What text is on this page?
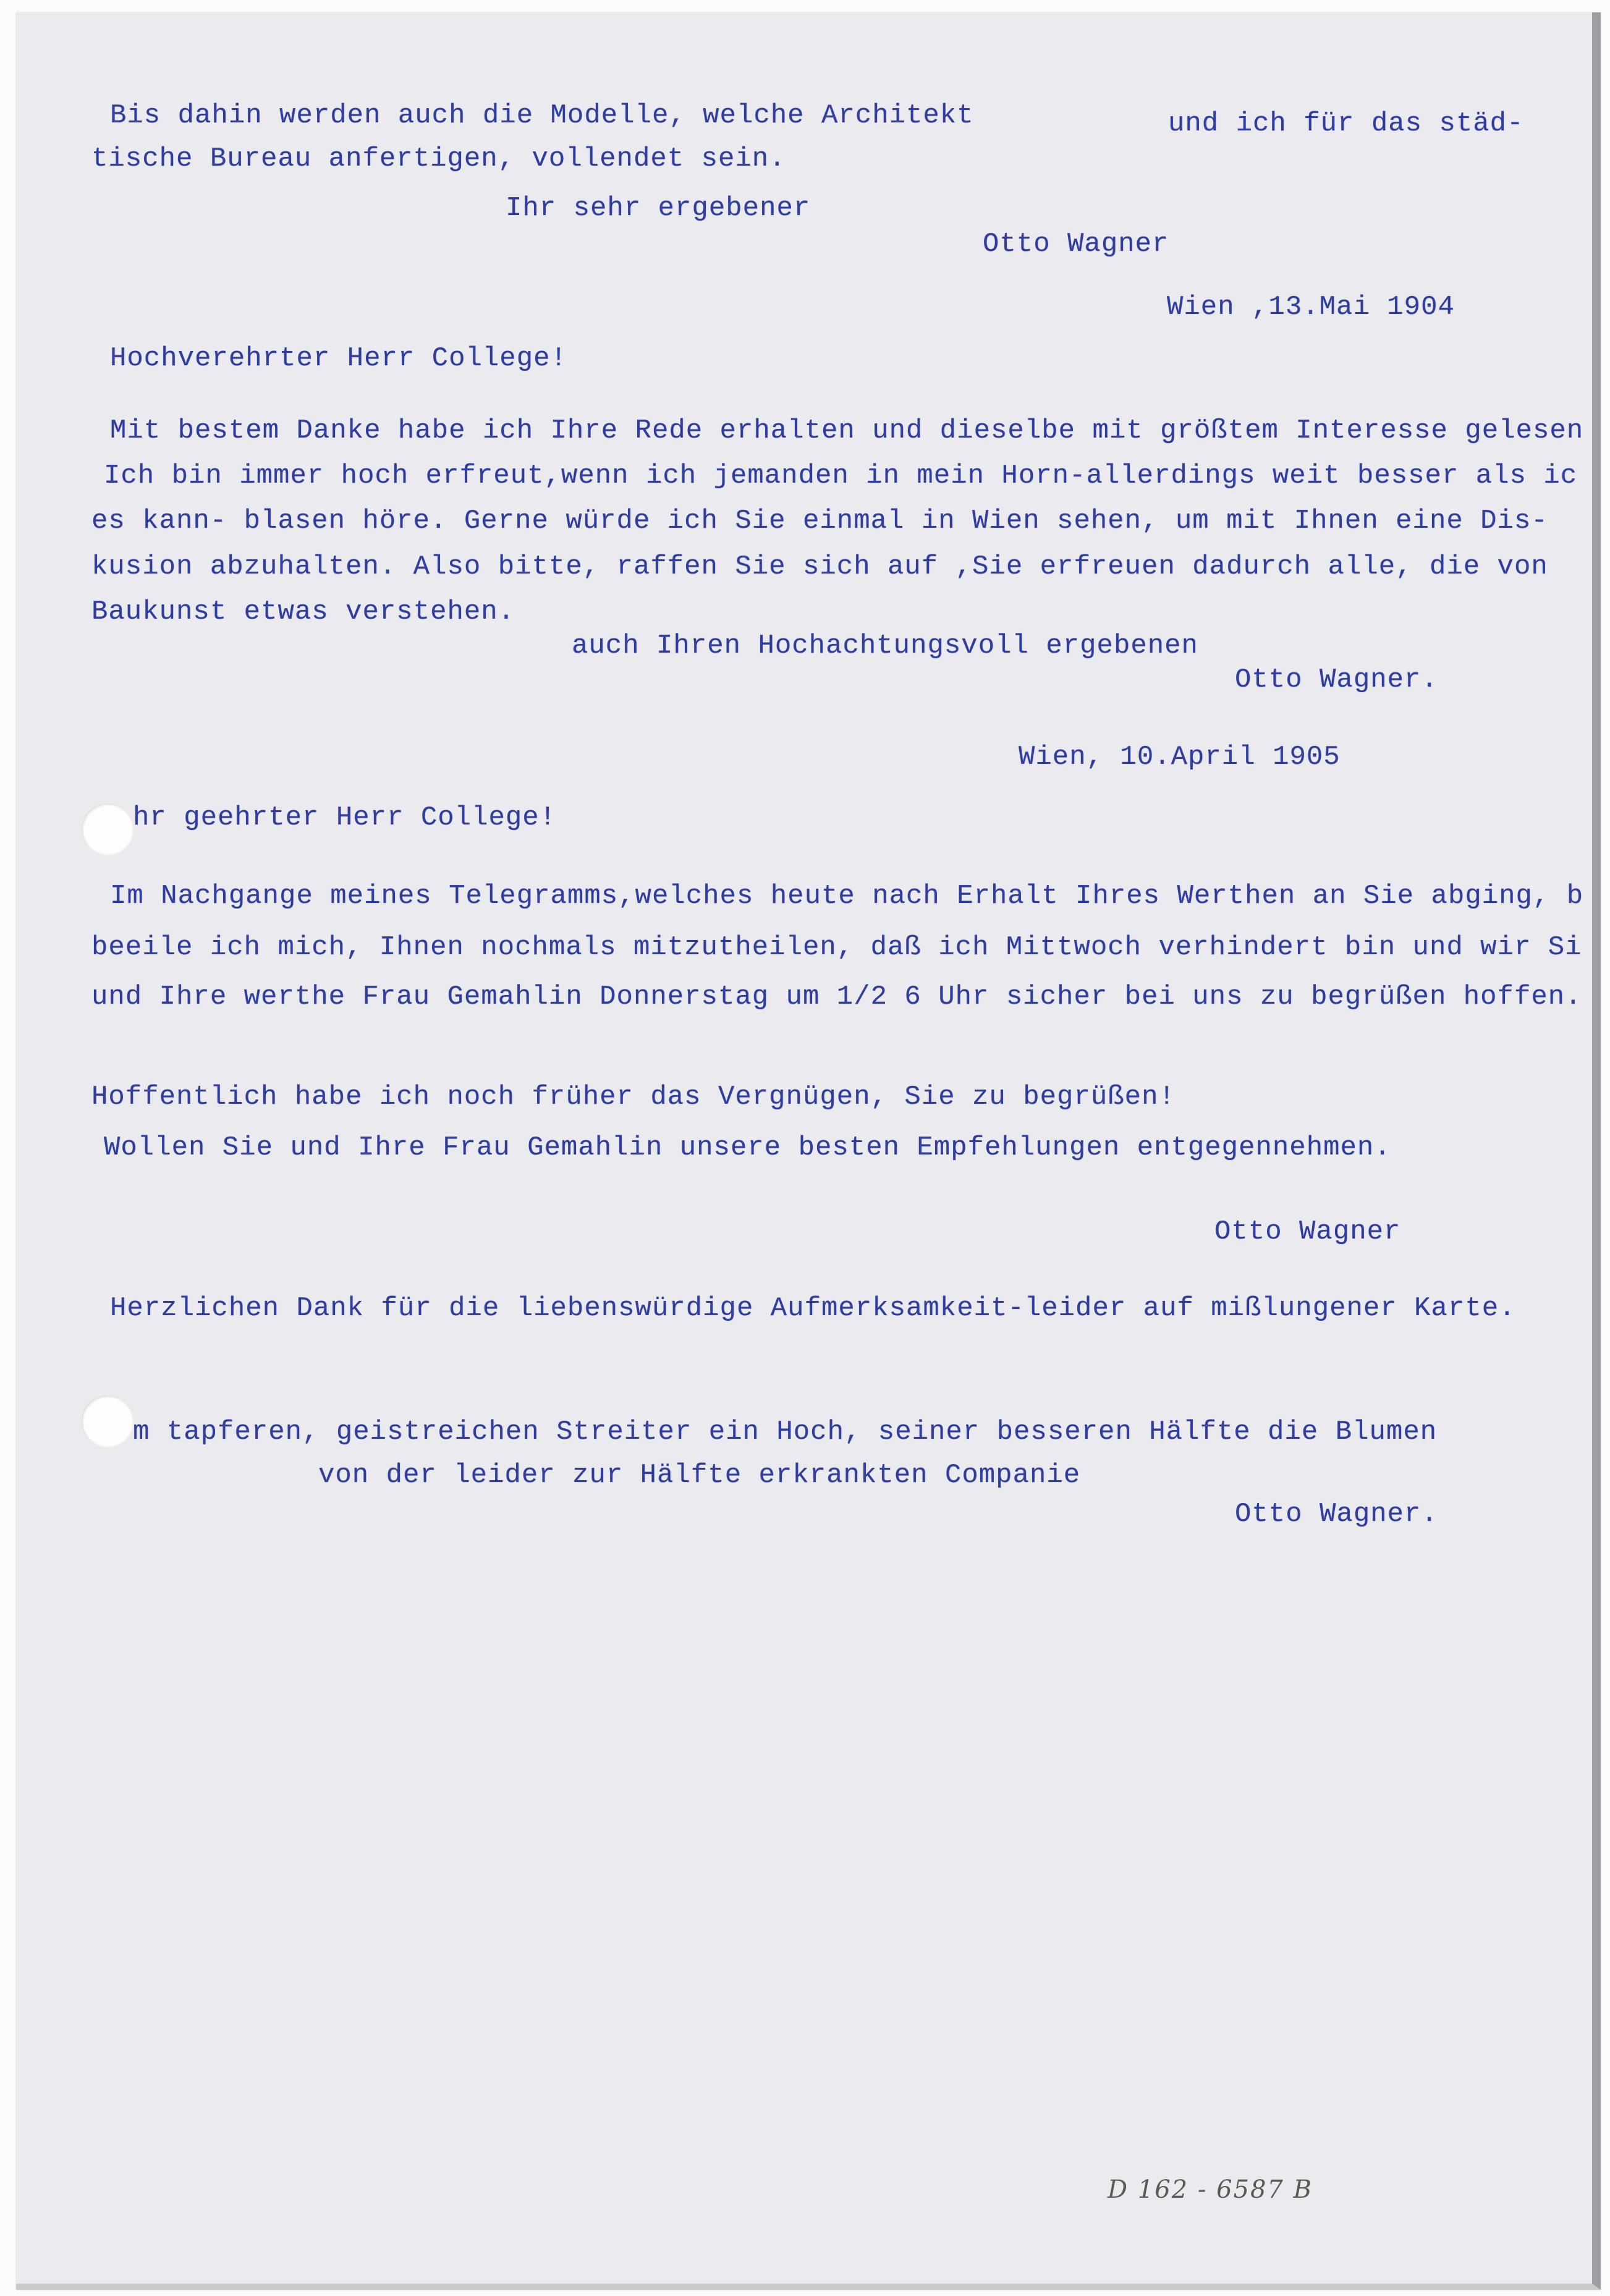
Bis dahin werden auch die Modelle, welche Architekt	und ich für das städ-

tische Bureau anfertigen, vollendet sein.

Ihr sehr ergebener

Otto Wagner

Wien ,13.Mai 1904

Hochverehrter Herr College!

Mit bestem Danke habe ich Ihre Rede erhalten und dieselbe mit größtem Interesse gelesen

Ich bin immer hoch erfreut,wenn ich jemanden in mein Horn-allerdings weit besser als ic

es kann- blasen höre. Gerne würde ich Sie einmal in Wien sehen, um mit Ihnen eine Dis-

kusion abzuhalten. Also bitte, raffen Sie sich auf ,Sie erfreuen dadurch alle, die von

Baukunst etwas verstehen.

auch Ihren Hochachtungsvoll ergebenen

Otto Wagner.

Wien, 10.April 1905

hr geehrter Herr College!

Im Nachgange meines Telegramms,welches heute nach Erhalt Ihres Werthen an Sie abging, b

beeile ich mich, Ihnen nochmals mitzutheilen, daß ich Mittwoch verhindert bin und wir Si

und Ihre werthe Frau Gemahlin Donnerstag um 1/2 6 Uhr sicher bei uns zu begrüßen hoffen.

Hoffentlich habe ich noch früher das Vergnügen, Sie zu begrüßen!

Wollen Sie und Ihre Frau Gemahlin unsere besten Empfehlungen entgegennehmen.

Otto Wagner

Herzlichen Dank für die liebenswürdige Aufmerksamkeit-leider auf mißlungener Karte.

m tapferen, geistreichen Streiter ein Hoch, seiner besseren Hälfte die Blumen

von der leider zur Hälfte erkrankten Companie

Otto Wagner.

D 162 - 6587 B
